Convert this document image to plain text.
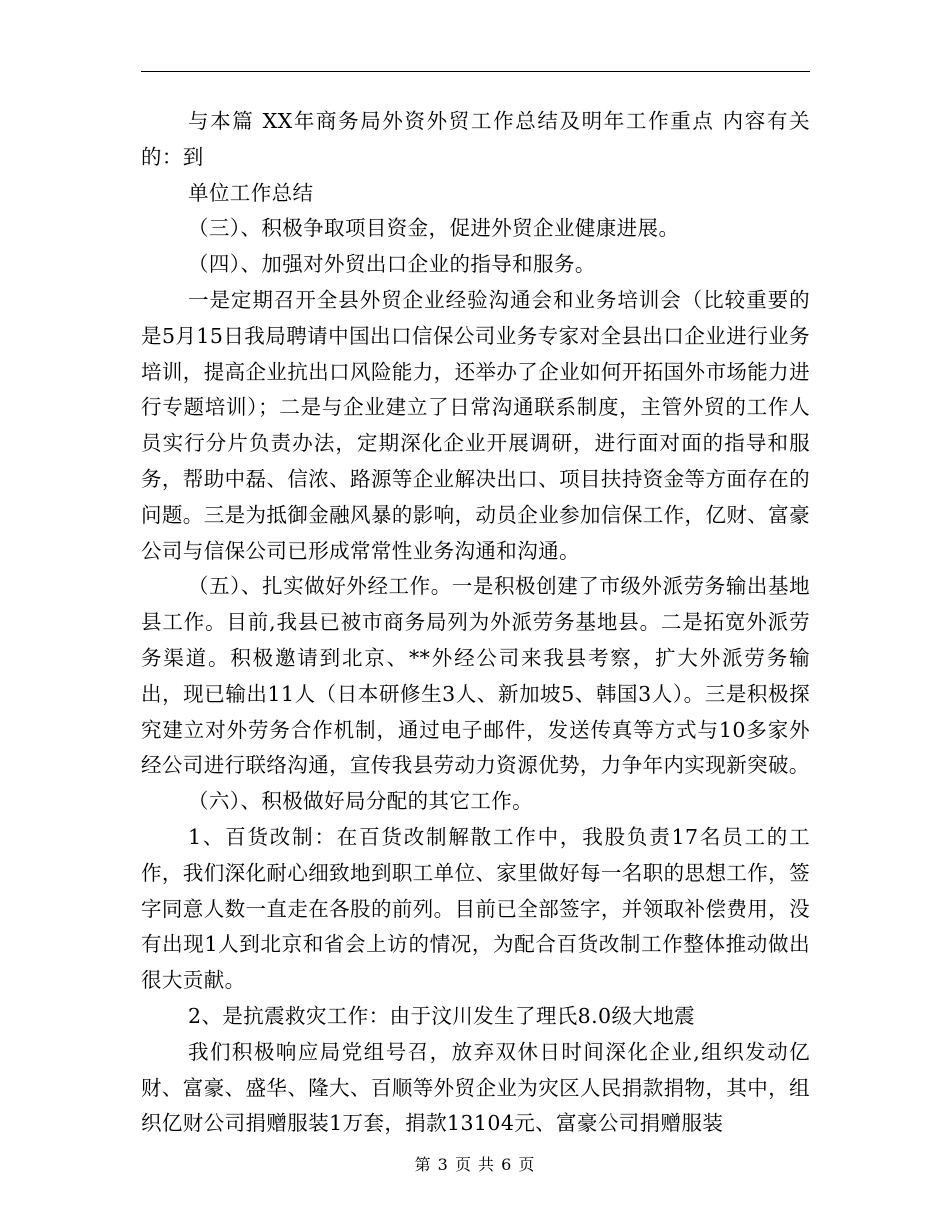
与本篇 XX年商务局外资外贸工作总结及明年工作重点 内容有关的：到

单位工作总结

（三）、积极争取项目资金，促进外贸企业健康进展。

（四）、加强对外贸出口企业的指导和服务。

一是定期召开全县外贸企业经验沟通会和业务培训会（比较重要的是5月15日我局聘请中国出口信保公司业务专家对全县出口企业进行业务培训，提高企业抗出口风险能力，还举办了企业如何开拓国外市场能力进行专题培训）；二是与企业建立了日常沟通联系制度，主管外贸的工作人员实行分片负责办法，定期深化企业开展调研，进行面对面的指导和服务，帮助中磊、信浓、路源等企业解决出口、项目扶持资金等方面存在的问题。三是为抵御金融风暴的影响，动员企业参加信保工作，亿财、富豪公司与信保公司已形成常常性业务沟通和沟通。

（五）、扎实做好外经工作。一是积极创建了市级外派劳务输出基地县工作。目前,我县已被市商务局列为外派劳务基地县。二是拓宽外派劳务渠道。积极邀请到北京、**外经公司来我县考察，扩大外派劳务输出，现已输出11人（日本研修生3人、新加坡5、韩国3人）。三是积极探究建立对外劳务合作机制，通过电子邮件，发送传真等方式与10多家外经公司进行联络沟通，宣传我县劳动力资源优势，力争年内实现新突破。

（六）、积极做好局分配的其它工作。

1、百货改制：在百货改制解散工作中，我股负责17名员工的工作，我们深化耐心细致地到职工单位、家里做好每一名职的思想工作，签字同意人数一直走在各股的前列。目前已全部签字，并领取补偿费用，没有出现1人到北京和省会上访的情况，为配合百货改制工作整体推动做出很大贡献。

2、是抗震救灾工作：由于汶川发生了理氏8.0级大地震

我们积极响应局党组号召，放弃双休日时间深化企业,组织发动亿财、富豪、盛华、隆大、百顺等外贸企业为灾区人民捐款捐物，其中，组织亿财公司捐赠服装1万套，捐款13104元、富豪公司捐赠服装

第 3 页 共 6 页
